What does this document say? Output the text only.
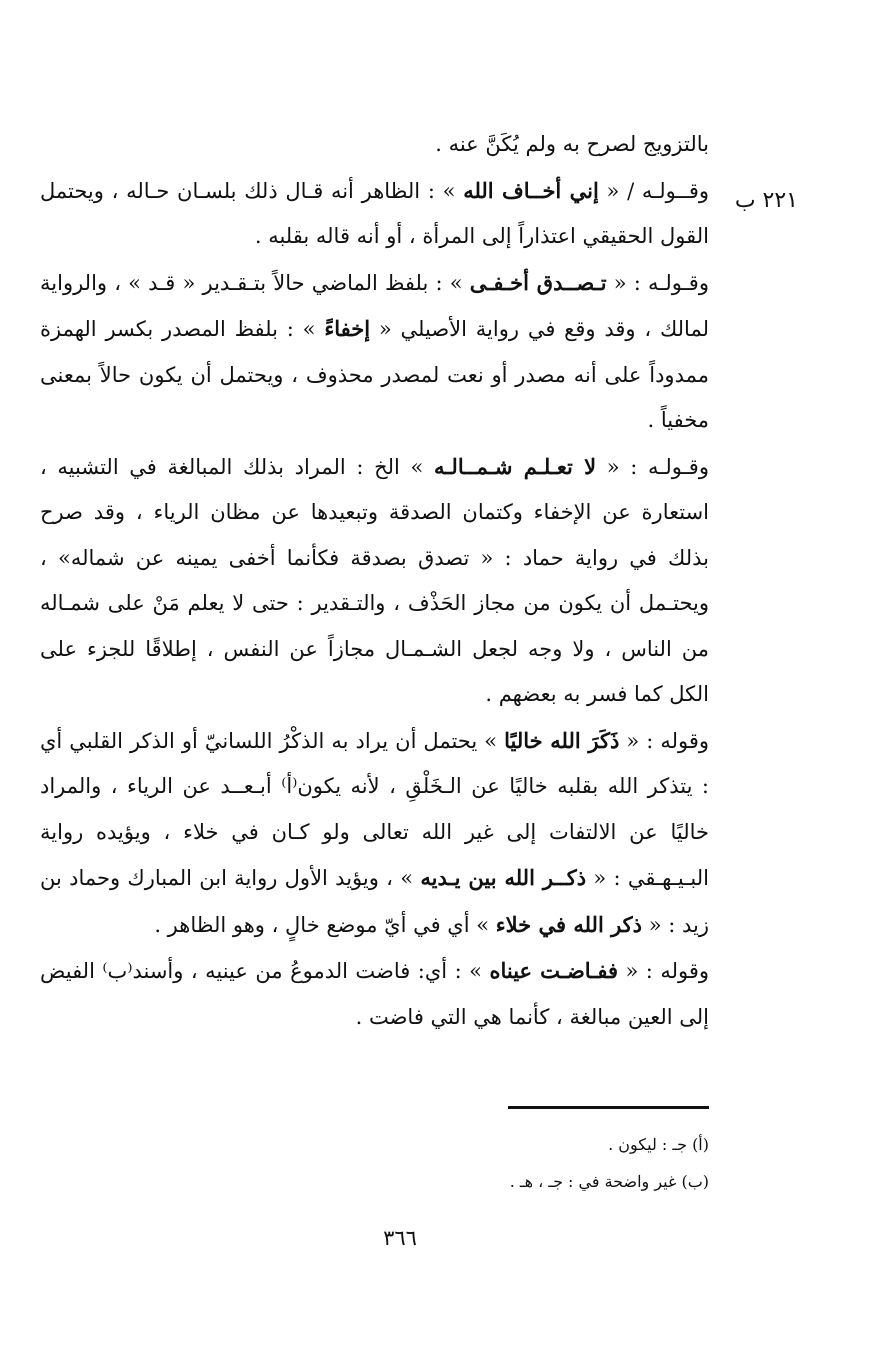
٢٢١ ب

بالتزويج لصرح به ولم يُكَنَّ عنه .

وقــولـه / « إني أخــاف الله » : الظاهر أنه قـال ذلك بلسـان حـاله ، ويحتمل القول الحقيقي اعتذاراً إلى المرأة ، أو أنه قاله بقلبه .

وقـولـه : « تـصــدق أخـفـى » : بلفظ الماضي حالاً بتـقـدير « قـد » ، والرواية لمالك ، وقد وقع في رواية الأصيلي « إخفاءً » : بلفظ المصدر بكسر الهمزة ممدوداً على أنه مصدر أو نعت لمصدر محذوف ، ويحتمل أن يكون حالاً بمعنى مخفياً .

وقـولـه : « لا تعـلـم شـمــالـه » الخ : المراد بذلك المبالغة في التشبيه ، استعارة عن الإخفاء وكتمان الصدقة وتبعيدها عن مظان الرياء ، وقد صرح بذلك في رواية حماد : « تصدق بصدقة فكأنما أخفى يمينه عن شماله» ، ويحتـمل أن يكون من مجاز الحَذْف ، والتـقدير : حتى لا يعلم مَنْ على شمـاله من الناس ، ولا وجه لجعل الشـمـال مجازاً عن النفس ، إطلاقًا للجزء على الكل كما فسر به بعضهم .

وقوله : « ذَكَرَ الله خاليًا » يحتمل أن يراد به الذكْرُ اللسانيّ أو الذكر القلبي أي : يتذكر الله بقلبه خاليًا عن الـخَلْقِ ، لأنه يكون⁽أ⁾ أبـعــد عن الرياء ، والمراد خاليًا عن الالتفات إلى غير الله تعالى ولو كـان في خلاء ، ويؤيده رواية البـيـهـقي : « ذكــر الله بين يـديه » ، ويؤيد الأول رواية ابن المبارك وحماد بن زيد : « ذكر الله في خلاء » أي في أيّ موضع خالٍ ، وهو الظاهر .

وقوله : « ففـاضـت عيناه » : أي: فاضت الدموعُ من عينيه ، وأسند⁽ب⁾ الفيض إلى العين مبالغة ، كأنما هي التي فاضت .

(أ) جـ : ليكون .

(ب) غير واضحة في : جـ ، هـ .

٣٦٦
